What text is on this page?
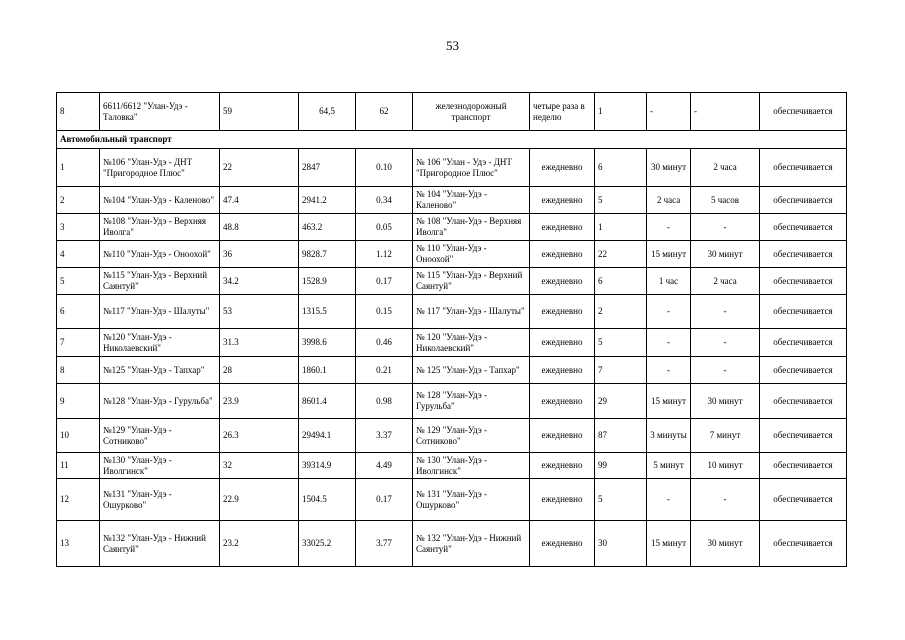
53
8	6611/6612 "Улан-Удэ - Таловка"	59	64,5	62	железнодорожный транспорт	четыре раза в неделю	1	-	-	обеспечивается
Автомобильный транспорт										
1	№106 "Улан-Удэ - ДНТ "Пригородное Плюс"	22	2847	0.10	№ 106 "Улан - Удэ - ДНТ "Пригородное Плюс"	ежедневно	6	30 минут	2 часа	обеспечивается
2	№104 "Улан-Удэ - Каленово"	47.4	2941.2	0.34	№ 104 "Улан-Удэ - Каленово"	ежедневно	5	2 часа	5 часов	обеспечивается
3	№108 "Улан-Удэ - Верхняя Иволга"	48.8	463.2	0.05	№ 108 "Улан-Удэ - Верхняя Иволга"	ежедневно	1	-	-	обеспечивается
4	№110 "Улан-Удэ - Оноохой"	36	9828.7	1.12	№ 110 "Улан-Удэ - Оноохой"	ежедневно	22	15 минут	30 минут	обеспечивается
5	№115 "Улан-Удэ - Верхний Саянтуй"	34.2	1528.9	0.17	№ 115 "Улан-Удэ - Верхний Саянтуй"	ежедневно	6	1 час	2 часа	обеспечивается
6	№117 "Улан-Удэ - Шалуты"	53	1315.5	0.15	№ 117 "Улан-Удэ - Шалуты"	ежедневно	2	-	-	обеспечивается
7	№120 "Улан-Удэ - Николаевский"	31.3	3998.6	0.46	№ 120 "Улан-Удэ - Николаевский"	ежедневно	5	-	-	обеспечивается
8	№125 "Улан-Удэ - Тапхар"	28	1860.1	0.21	№ 125 "Улан-Удэ - Тапхар"	ежедневно	7	-	-	обеспечивается
9	№128 "Улан-Удэ - Гурульба"	23.9	8601.4	0.98	№ 128 "Улан-Удэ - Гурульба"	ежедневно	29	15 минут	30 минут	обеспечивается
10	№129 "Улан-Удэ - Сотниково"	26.3	29494.1	3.37	№ 129 "Улан-Удэ - Сотниково"	ежедневно	87	3 минуты	7 минут	обеспечивается
11	№130 "Улан-Удэ - Иволгинск"	32	39314.9	4.49	№ 130 "Улан-Удэ - Иволгинск"	ежедневно	99	5 минут	10 минут	обеспечивается
12	№131 "Улан-Удэ - Ошурково"	22.9	1504.5	0.17	№ 131 "Улан-Удэ - Ошурково"	ежедневно	5	-	-	обеспечивается
13	№132 "Улан-Удэ - Нижний Саянтуй"	23.2	33025.2	3.77	№ 132 "Улан-Удэ - Нижний Саянтуй"	ежедневно	30	15 минут	30 минут	обеспечивается
